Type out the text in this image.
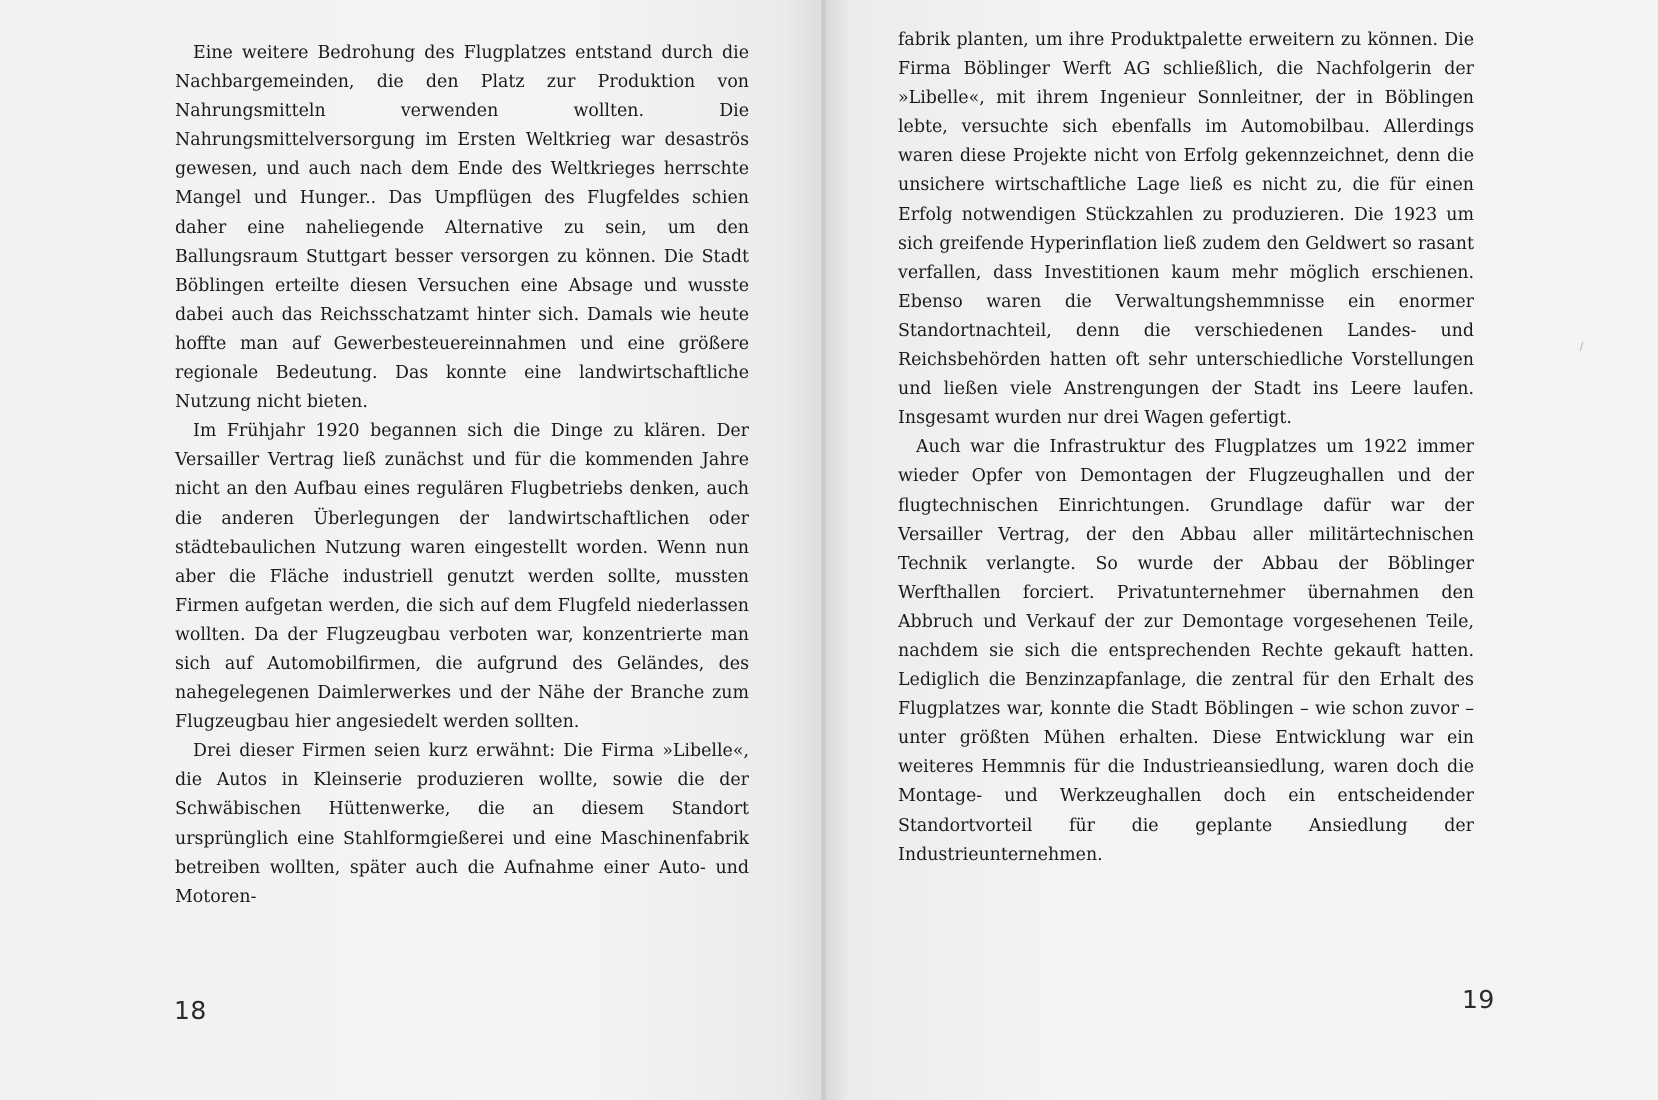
Eine weitere Bedrohung des Flugplatzes entstand durch die Nachbargemeinden, die den Platz zur Produktion von Nahrungsmitteln verwenden wollten. Die Nahrungsmittelversorgung im Ersten Weltkrieg war desaströs gewesen, und auch nach dem Ende des Weltkrieges herrschte Mangel und Hunger.. Das Umpflügen des Flugfeldes schien daher eine naheliegende Alternative zu sein, um den Ballungsraum Stuttgart besser versorgen zu können. Die Stadt Böblingen erteilte diesen Versuchen eine Absage und wusste dabei auch das Reichsschatzamt hinter sich. Damals wie heute hoffte man auf Gewerbesteuereinnahmen und eine größere regionale Bedeutung. Das konnte eine landwirtschaftliche Nutzung nicht bieten.

Im Frühjahr 1920 begannen sich die Dinge zu klären. Der Versailler Vertrag ließ zunächst und für die kommenden Jahre nicht an den Aufbau eines regulären Flugbetriebs denken, auch die anderen Überlegungen der landwirtschaftlichen oder städtebaulichen Nutzung waren eingestellt worden. Wenn nun aber die Fläche industriell genutzt werden sollte, mussten Firmen aufgetan werden, die sich auf dem Flugfeld niederlassen wollten. Da der Flugzeugbau verboten war, konzentrierte man sich auf Automobilfirmen, die aufgrund des Geländes, des nahegelegenen Daimlerwerkes und der Nähe der Branche zum Flugzeugbau hier angesiedelt werden sollten.

Drei dieser Firmen seien kurz erwähnt: Die Firma »Libelle«, die Autos in Kleinserie produzieren wollte, sowie die der Schwäbischen Hüttenwerke, die an diesem Standort ursprünglich eine Stahlformgießerei und eine Maschinenfabrik betreiben wollten, später auch die Aufnahme einer Auto- und Motoren-

18

fabrik planten, um ihre Produktpalette erweitern zu können. Die Firma Böblinger Werft AG schließlich, die Nachfolgerin der »Libelle«, mit ihrem Ingenieur Sonnleitner, der in Böblingen lebte, versuchte sich ebenfalls im Automobilbau. Allerdings waren diese Projekte nicht von Erfolg gekennzeichnet, denn die unsichere wirtschaftliche Lage ließ es nicht zu, die für einen Erfolg notwendigen Stückzahlen zu produzieren. Die 1923 um sich greifende Hyperinflation ließ zudem den Geldwert so rasant verfallen, dass Investitionen kaum mehr möglich erschienen. Ebenso waren die Verwaltungshemmnisse ein enormer Standortnachteil, denn die verschiedenen Landes- und Reichsbehörden hatten oft sehr unterschiedliche Vorstellungen und ließen viele Anstrengungen der Stadt ins Leere laufen. Insgesamt wurden nur drei Wagen gefertigt.

Auch war die Infrastruktur des Flugplatzes um 1922 immer wieder Opfer von Demontagen der Flugzeughallen und der flugtechnischen Einrichtungen. Grundlage dafür war der Versailler Vertrag, der den Abbau aller militärtechnischen Technik verlangte. So wurde der Abbau der Böblinger Werfthallen forciert. Privatunternehmer übernahmen den Abbruch und Verkauf der zur Demontage vorgesehenen Teile, nachdem sie sich die entsprechenden Rechte gekauft hatten. Lediglich die Benzinzapfanlage, die zentral für den Erhalt des Flugplatzes war, konnte die Stadt Böblingen – wie schon zuvor – unter größten Mühen erhalten. Diese Entwicklung war ein weiteres Hemmnis für die Industrieansiedlung, waren doch die Montage- und Werkzeughallen doch ein entscheidender Standortvorteil für die geplante Ansiedlung der Industrieunternehmen.

19
